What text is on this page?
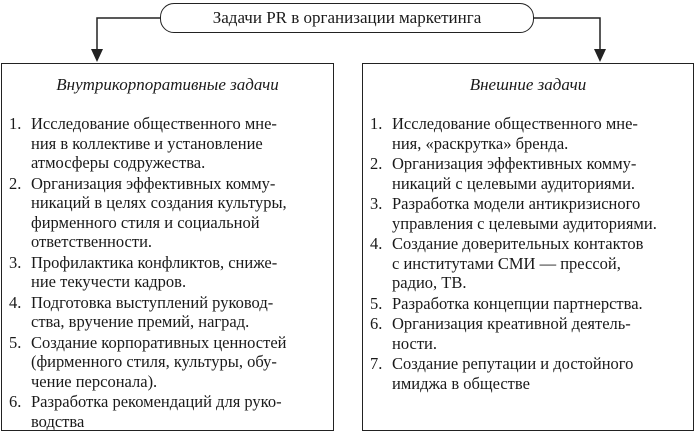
Задачи PR в организации маркетинга
Внутрикорпоративные задачи
1. Исследование общественного мне-
ния в коллективе и установление
атмосферы содружества.
2. Организация эффективных комму-
никаций в целях создания культуры,
фирменного стиля и социальной
ответственности.
3. Профилактика конфликтов, сниже-
ние текучести кадров.
4. Подготовка выступлений руковод-
ства, вручение премий, наград.
5. Создание корпоративных ценностей
(фирменного стиля, культуры, обу-
чение персонала).
6. Разработка рекомендаций для руко-
водства
Внешние задачи
1. Исследование общественного мне-
ния, «раскрутка» бренда.
2. Организация эффективных комму-
никаций с целевыми аудиториями.
3. Разработка модели антикризисного
управления с целевыми аудиториями.
4. Создание доверительных контактов
с институтами СМИ — прессой,
радио, ТВ.
5. Разработка концепции партнерства.
6. Организация креативной деятель-
ности.
7. Создание репутации и достойного
имиджа в обществе
